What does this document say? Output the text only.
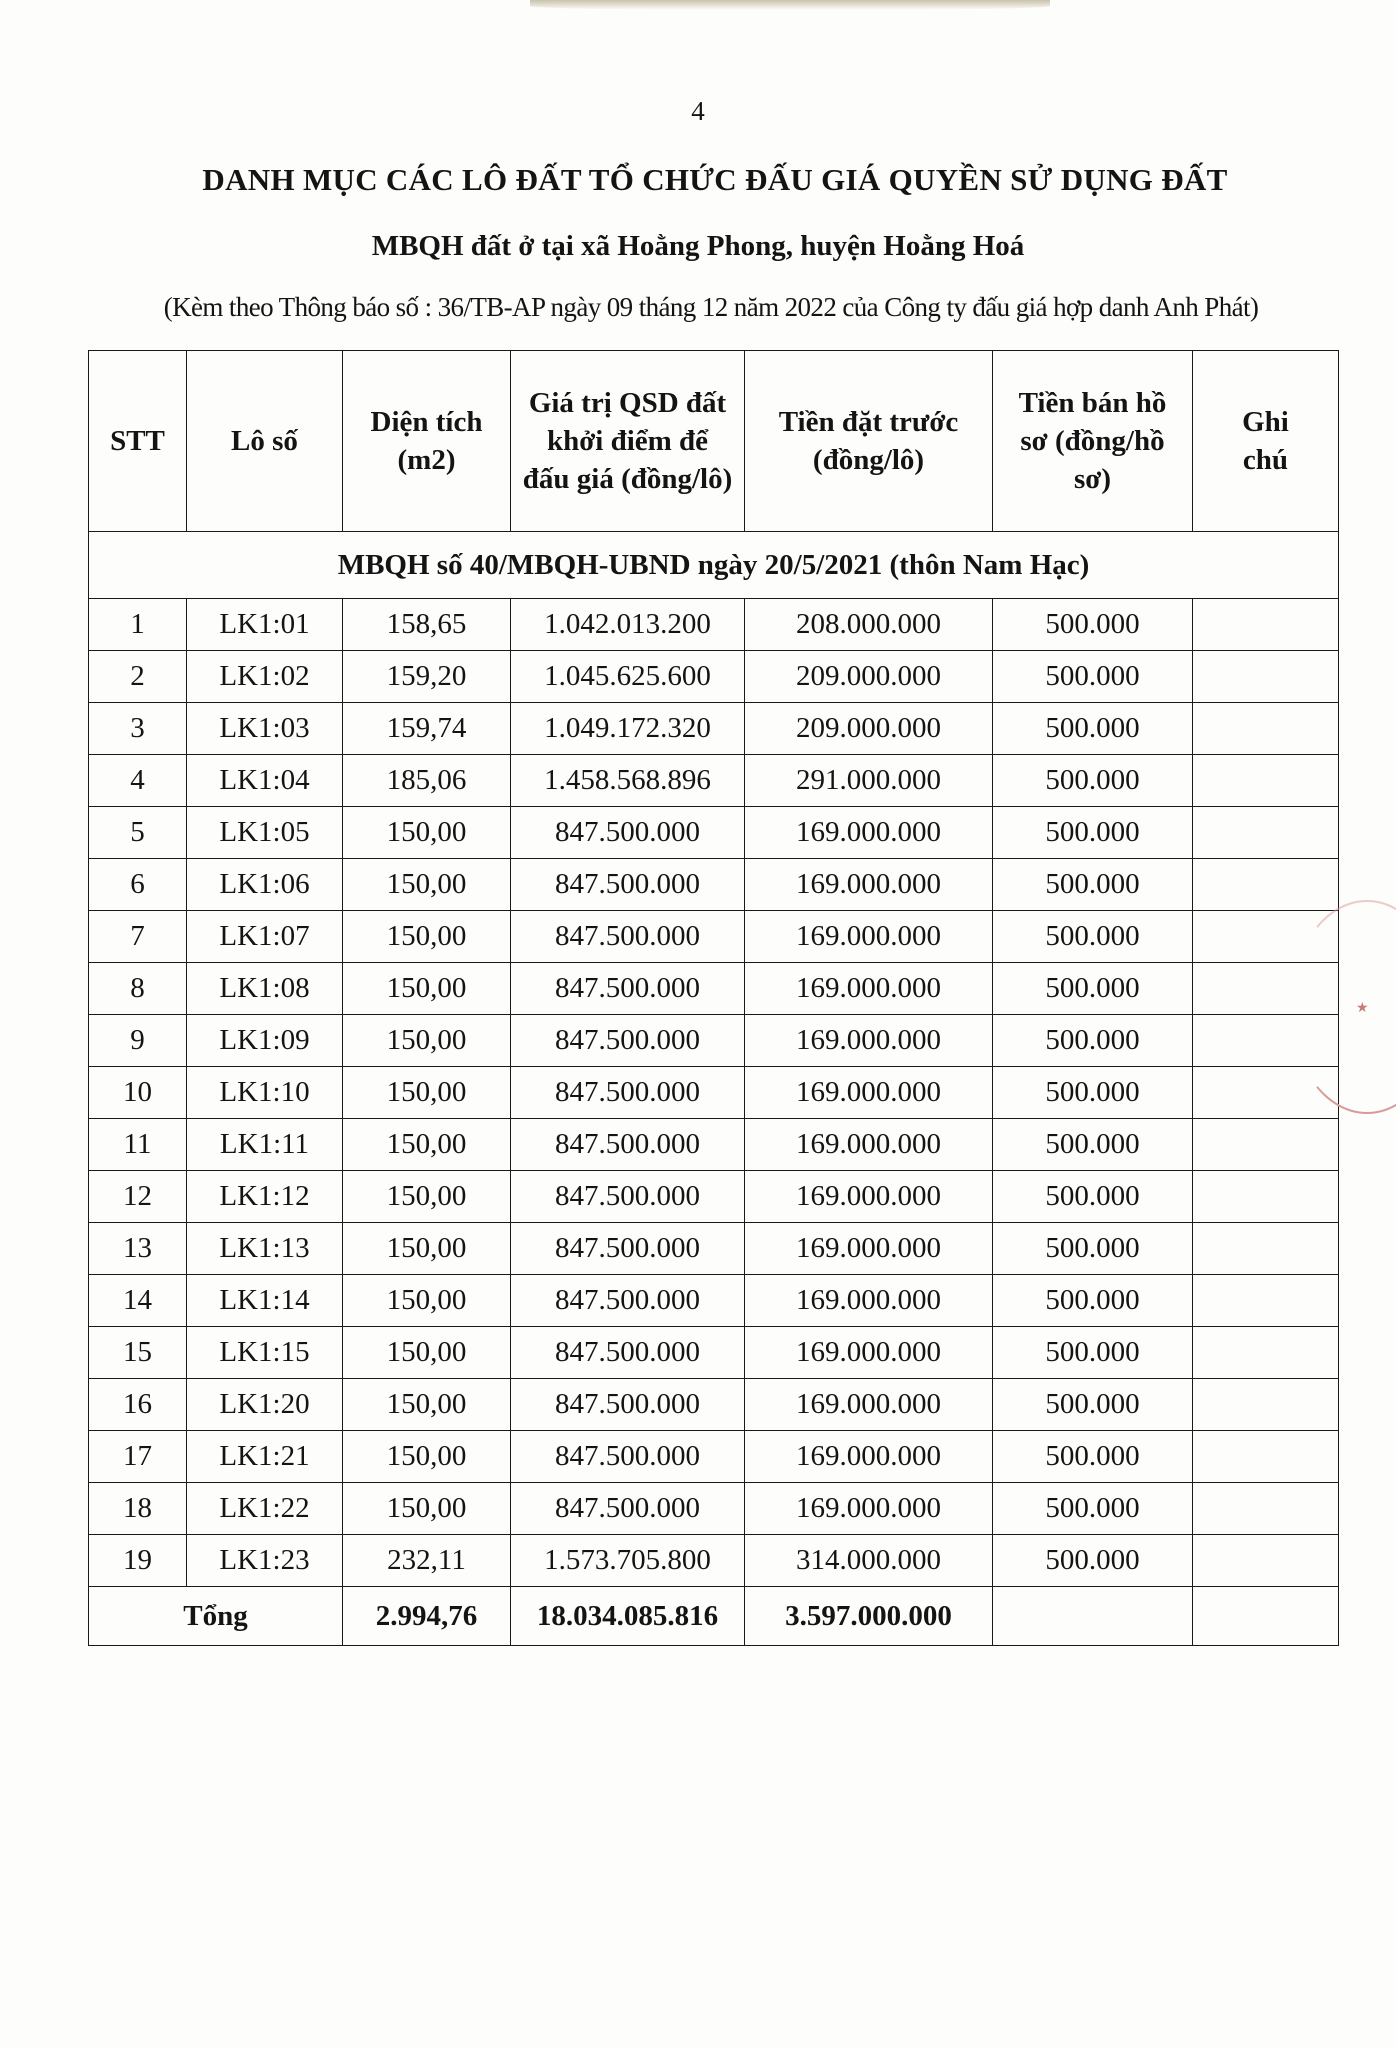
4
DANH MỤC CÁC LÔ ĐẤT TỔ CHỨC ĐẤU GIÁ QUYỀN SỬ DỤNG ĐẤT
MBQH đất ở tại xã Hoằng Phong, huyện Hoằng Hoá
(Kèm theo Thông báo số : 36/TB-AP ngày 09 tháng 12 năm 2022 của Công ty đấu giá hợp danh Anh Phát)
STT	Lô số	Diện tích (m2)	Giá trị QSD đất khởi điểm để đấu giá (đồng/lô)	Tiền đặt trước (đồng/lô)	Tiền bán hồ sơ (đồng/hồ sơ)	Ghi chú
MBQH số 40/MBQH-UBND ngày 20/5/2021 (thôn Nam Hạc)						
1	LK1:01	158,65	1.042.013.200	208.000.000	500.000	
2	LK1:02	159,20	1.045.625.600	209.000.000	500.000	
3	LK1:03	159,74	1.049.172.320	209.000.000	500.000	
4	LK1:04	185,06	1.458.568.896	291.000.000	500.000	
5	LK1:05	150,00	847.500.000	169.000.000	500.000	
6	LK1:06	150,00	847.500.000	169.000.000	500.000	
7	LK1:07	150,00	847.500.000	169.000.000	500.000	
8	LK1:08	150,00	847.500.000	169.000.000	500.000	
9	LK1:09	150,00	847.500.000	169.000.000	500.000	
10	LK1:10	150,00	847.500.000	169.000.000	500.000	
11	LK1:11	150,00	847.500.000	169.000.000	500.000	
12	LK1:12	150,00	847.500.000	169.000.000	500.000	
13	LK1:13	150,00	847.500.000	169.000.000	500.000	
14	LK1:14	150,00	847.500.000	169.000.000	500.000	
15	LK1:15	150,00	847.500.000	169.000.000	500.000	
16	LK1:20	150,00	847.500.000	169.000.000	500.000	
17	LK1:21	150,00	847.500.000	169.000.000	500.000	
18	LK1:22	150,00	847.500.000	169.000.000	500.000	
19	LK1:23	232,11	1.573.705.800	314.000.000	500.000	
Tổng		2.994,76	18.034.085.816	3.597.000.000		
★
